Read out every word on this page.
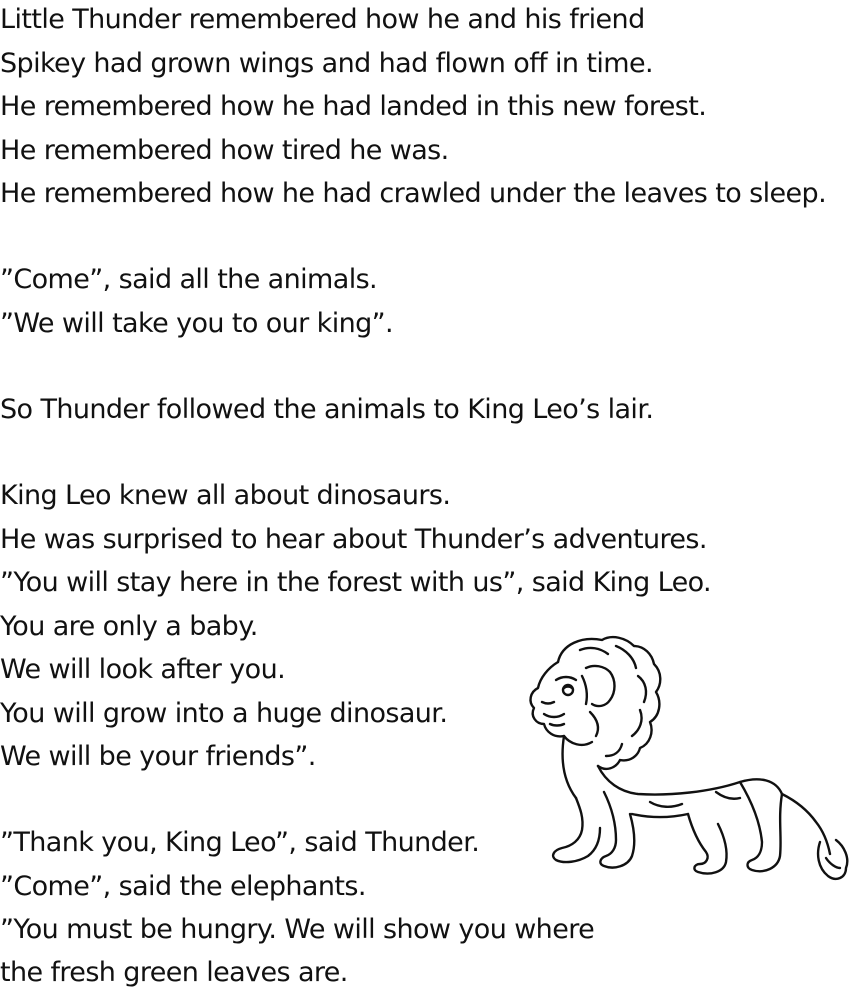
Little Thunder remembered how he and his friend
Spikey had grown wings and had flown off in time.
He remembered how he had landed in this new forest.
He remembered how tired he was.
He remembered how he had crawled under the leaves to sleep.
”Come”, said all the animals.
”We will take you to our king”.
So Thunder followed the animals to King Leo’s lair.
King Leo knew all about dinosaurs.
He was surprised to hear about Thunder’s adventures.
”You will stay here in the forest with us”, said King Leo.
You are only a baby.
We will look after you.
You will grow into a huge dinosaur.
We will be your friends”.
”Thank you, King Leo”, said Thunder.
”Come”, said the elephants.
”You must be hungry. We will show you where
the fresh green leaves are.
